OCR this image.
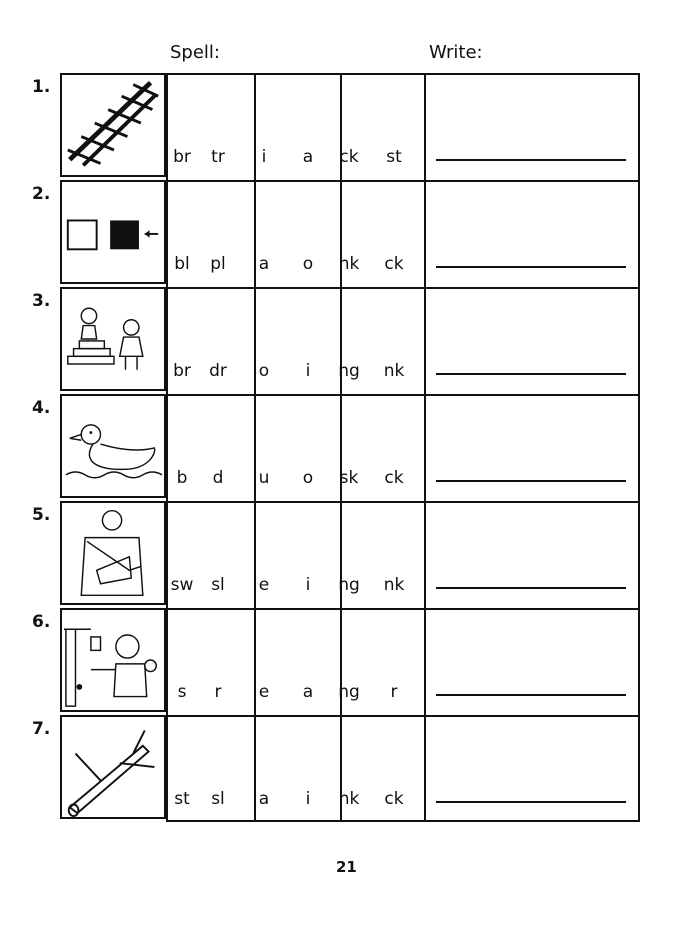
Spell:	Write:
1.
br	tr	i	a	ck	st
2.
bl	pl	a	o	nk	ck
3.
br	dr	o	i	ng	nk
4.
b	d	u	o	sk	ck
5.
sw	sl	e	i	ng	nk
6.
s	r	e	a	ng	r
7.
st	sl	a	i	nk	ck
21
